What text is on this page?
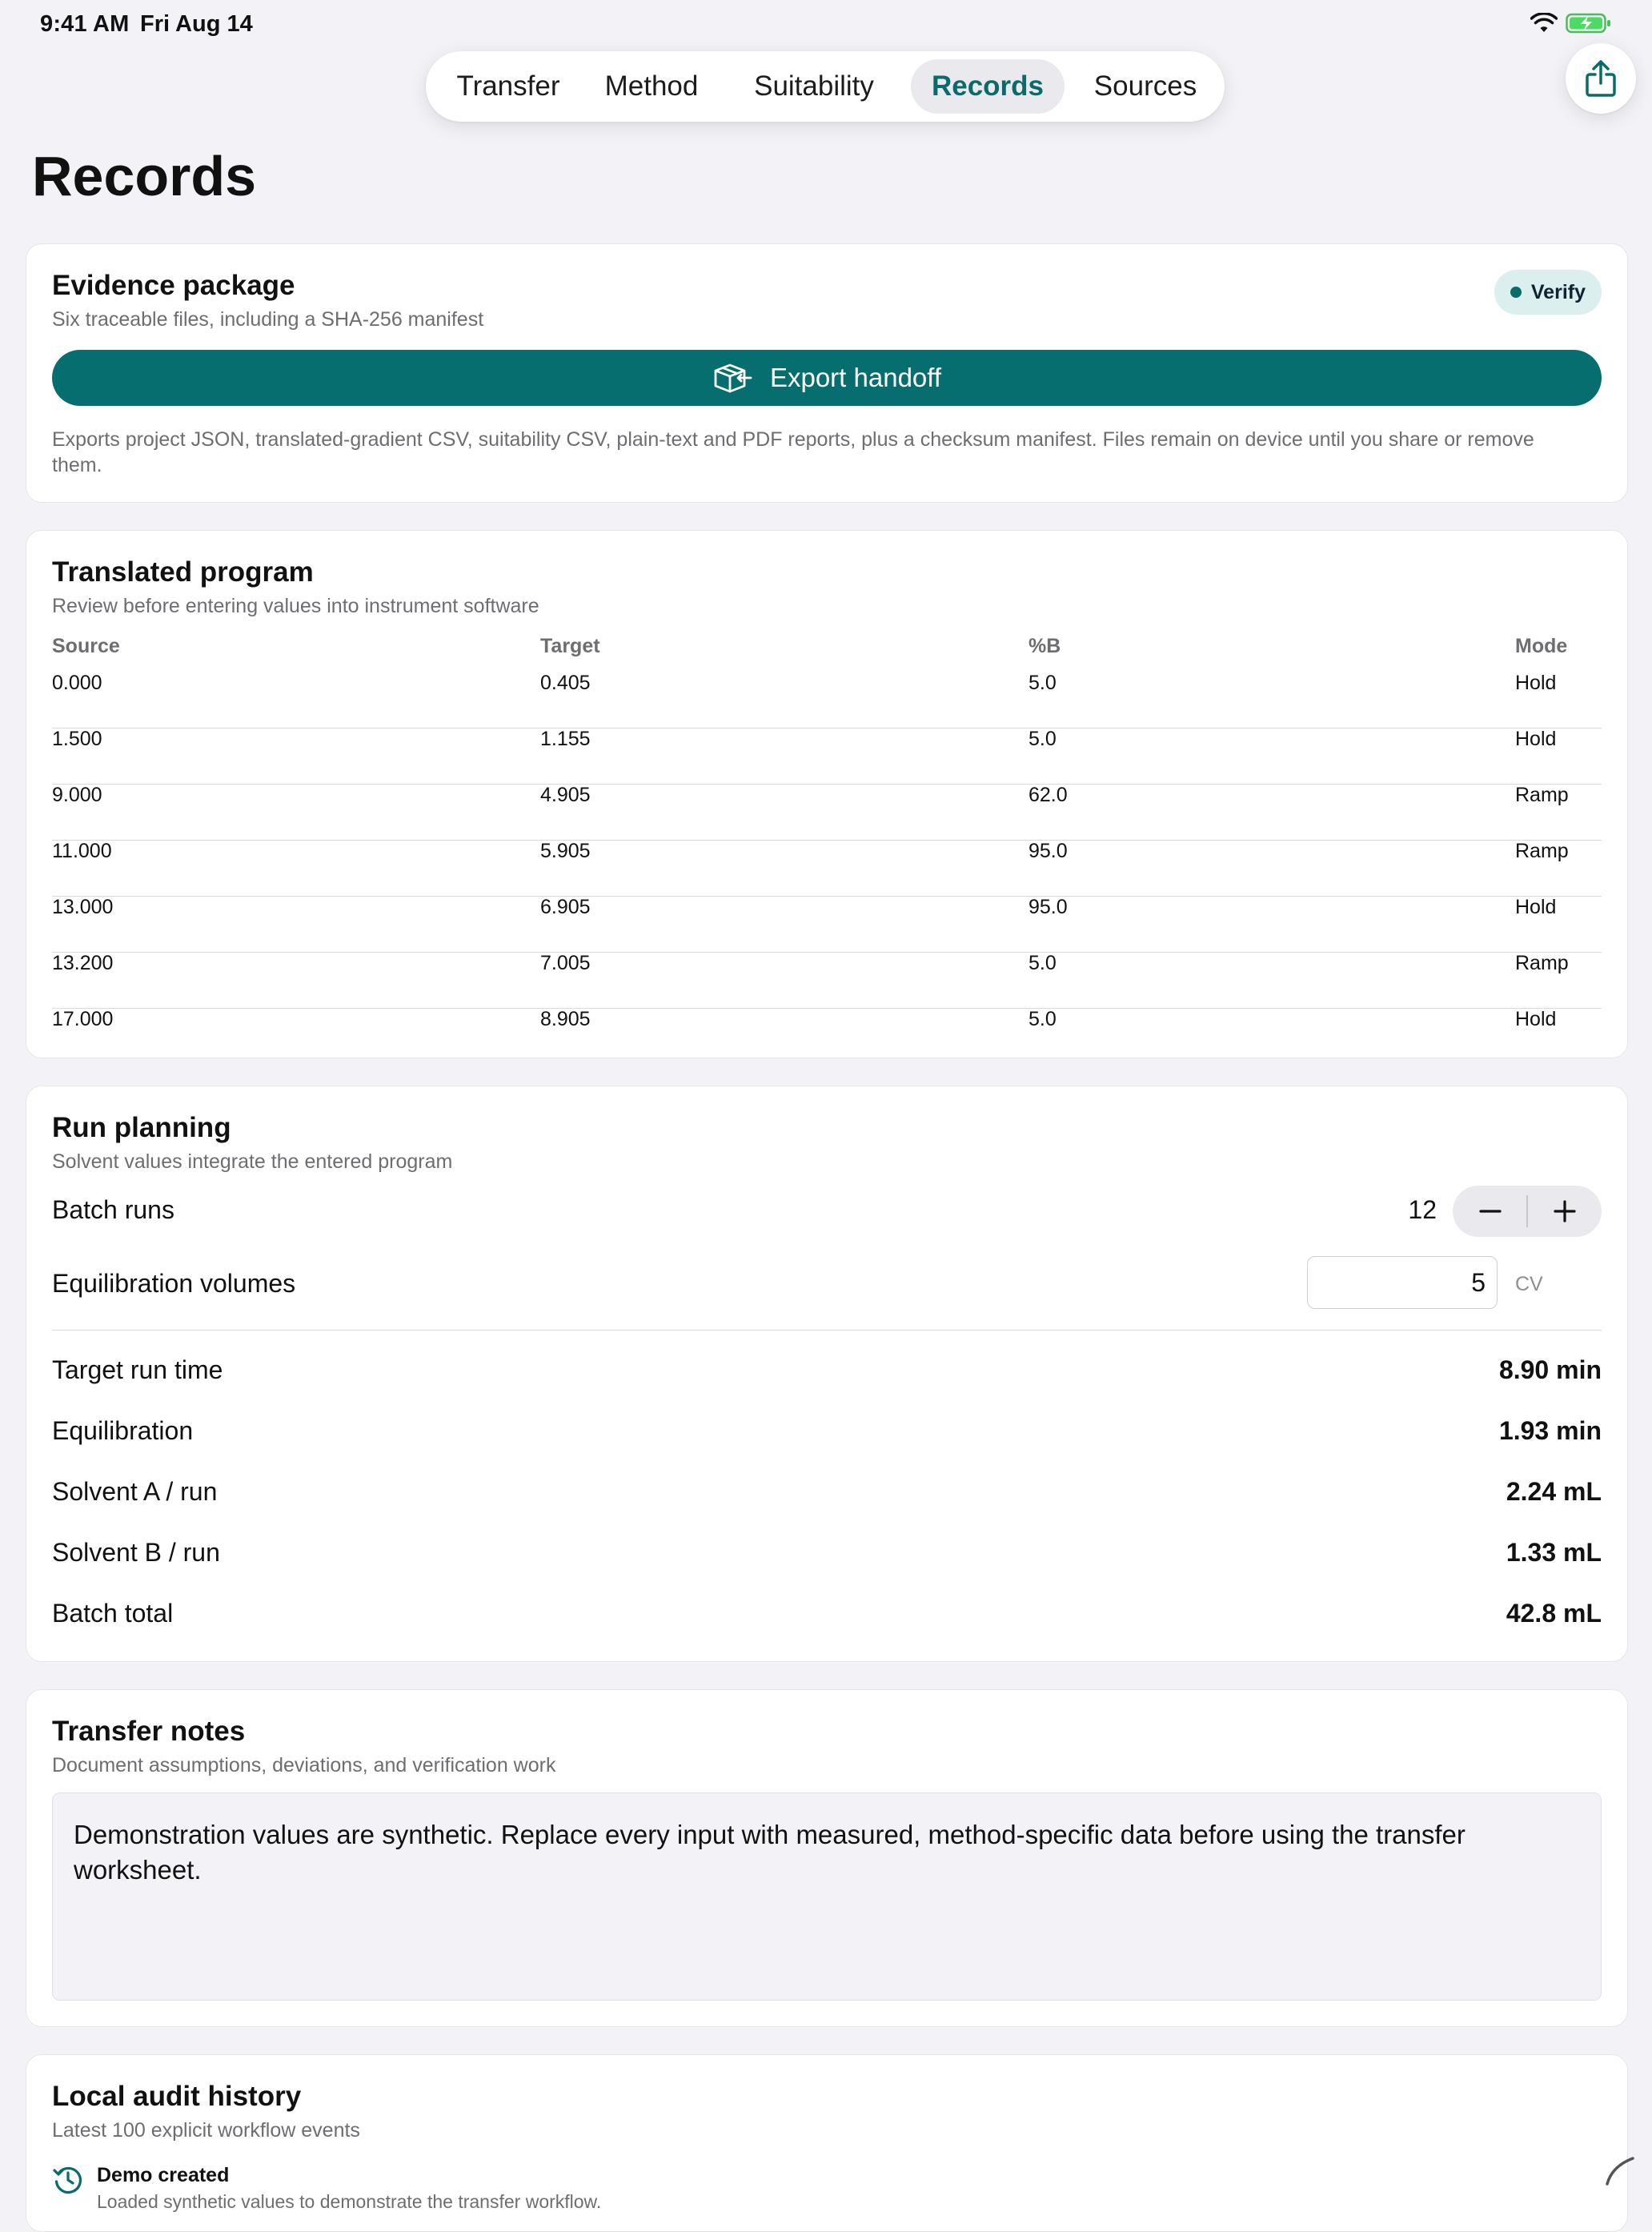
9:41 AM Fri Aug 14
Transfer	Method	Suitability	Records	Sources
Records
Evidence package
Six traceable files, including a SHA-256 manifest
Verify
Export handoff
Exports project JSON, translated-gradient CSV, suitability CSV, plain-text and PDF reports, plus a checksum manifest. Files remain on device until you share or remove them.
Translated program
Review before entering values into instrument software
Source	Target	%B	Mode
0.000	0.405	5.0	Hold
1.500	1.155	5.0	Hold
9.000	4.905	62.0	Ramp
11.000	5.905	95.0	Ramp
13.000	6.905	95.0	Hold
13.200	7.005	5.0	Ramp
17.000	8.905	5.0	Hold
Run planning
Solvent values integrate the entered program
Batch runs	12
Equilibration volumes	5	CV
Target run time	8.90 min
Equilibration	1.93 min
Solvent A / run	2.24 mL
Solvent B / run	1.33 mL
Batch total	42.8 mL
Transfer notes
Document assumptions, deviations, and verification work
Demonstration values are synthetic. Replace every input with measured, method-specific data before using the transfer worksheet.
Local audit history
Latest 100 explicit workflow events
Demo created
Loaded synthetic values to demonstrate the transfer workflow.
